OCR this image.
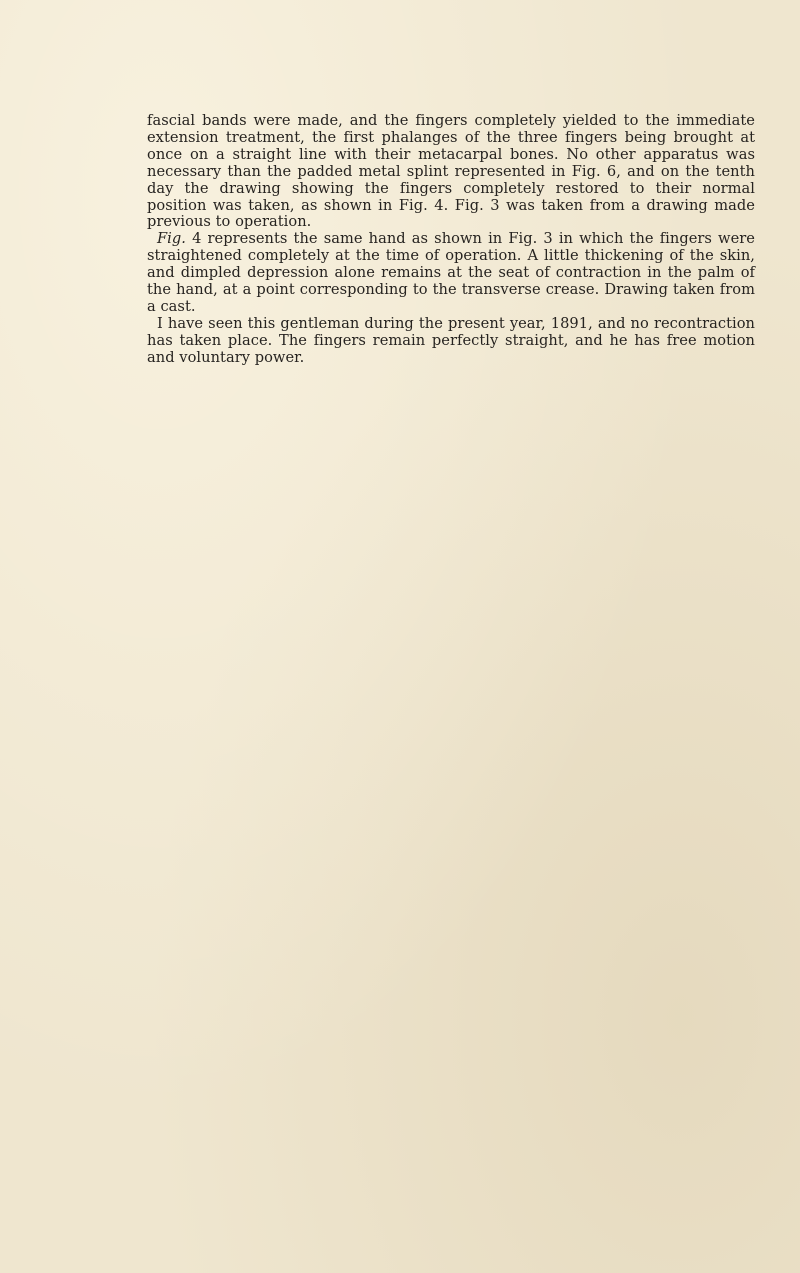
fascial bands were made, and the fingers completely yielded to the immediate extension treatment, the first phalanges of the three fingers being brought at once on a straight line with their metacarpal bones. No other apparatus was necessary than the padded metal splint represented in Fig. 6, and on the tenth day the drawing showing the fingers completely restored to their normal position was taken, as shown in Fig. 4. Fig. 3 was taken from a drawing made previous to operation.

Fig. 4 represents the same hand as shown in Fig. 3 in which the fingers were straightened completely at the time of operation. A little thickening of the skin, and dimpled depression alone remains at the seat of contraction in the palm of the hand, at a point corresponding to the transverse crease. Drawing taken from a cast.

I have seen this gentleman during the present year, 1891, and no recontraction has taken place. The fingers remain perfectly straight, and he has free motion and voluntary power.
